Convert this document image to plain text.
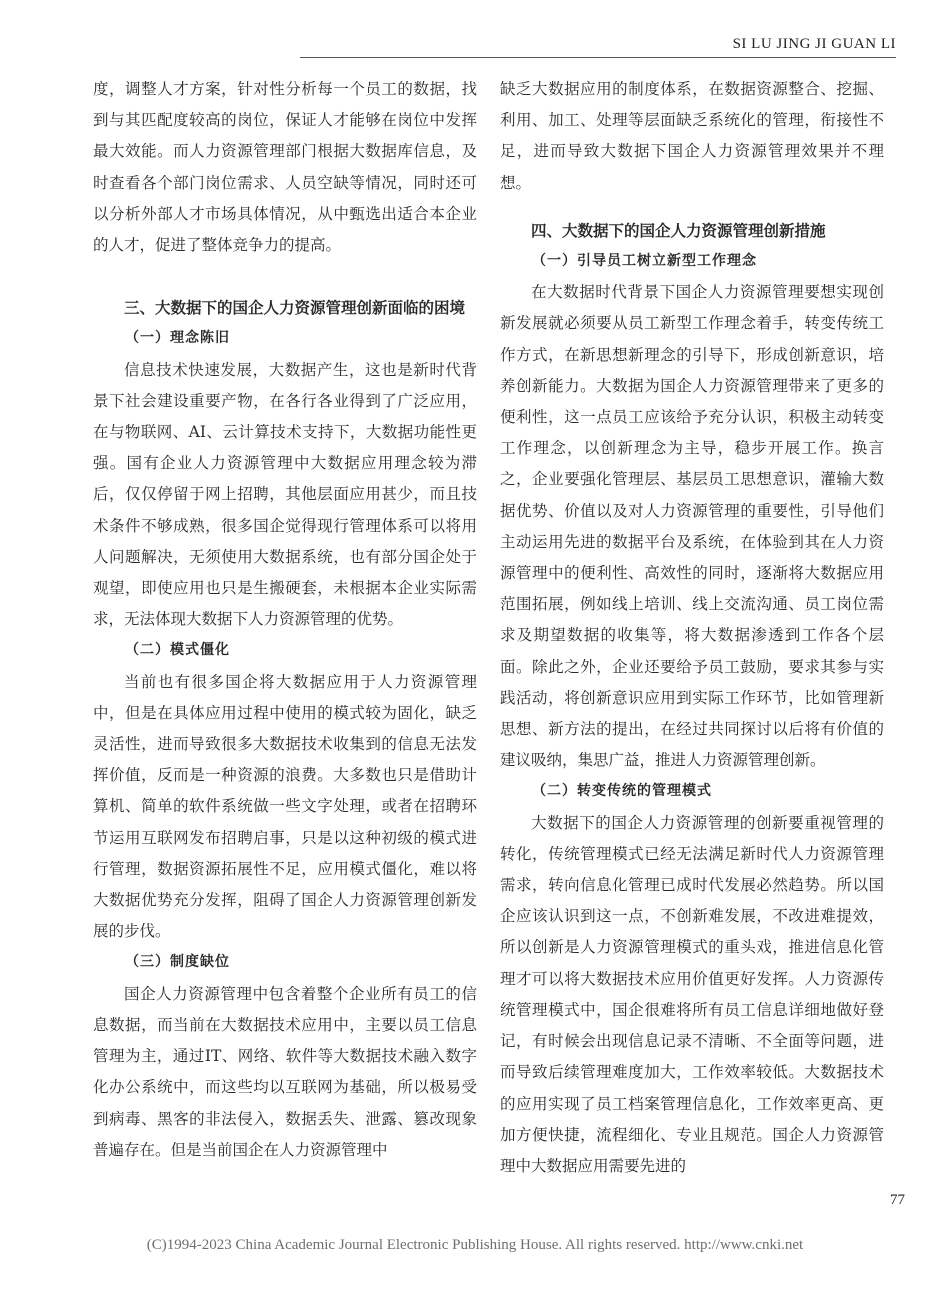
SI LU JING JI GUAN LI

度，调整人才方案，针对性分析每一个员工的数据，找到与其匹配度较高的岗位，保证人才能够在岗位中发挥最大效能。而人力资源管理部门根据大数据库信息，及时查看各个部门岗位需求、人员空缺等情况，同时还可以分析外部人才市场具体情况，从中甄选出适合本企业的人才，促进了整体竞争力的提高。

三、大数据下的国企人力资源管理创新面临的困境

（一）理念陈旧

信息技术快速发展，大数据产生，这也是新时代背景下社会建设重要产物，在各行各业得到了广泛应用，在与物联网、AI、云计算技术支持下，大数据功能性更强。国有企业人力资源管理中大数据应用理念较为滞后，仅仅停留于网上招聘，其他层面应用甚少，而且技术条件不够成熟，很多国企觉得现行管理体系可以将用人问题解决，无须使用大数据系统，也有部分国企处于观望，即使应用也只是生搬硬套，未根据本企业实际需求，无法体现大数据下人力资源管理的优势。

（二）模式僵化

当前也有很多国企将大数据应用于人力资源管理中，但是在具体应用过程中使用的模式较为固化，缺乏灵活性，进而导致很多大数据技术收集到的信息无法发挥价值，反而是一种资源的浪费。大多数也只是借助计算机、简单的软件系统做一些文字处理，或者在招聘环节运用互联网发布招聘启事，只是以这种初级的模式进行管理，数据资源拓展性不足，应用模式僵化，难以将大数据优势充分发挥，阻碍了国企人力资源管理创新发展的步伐。

（三）制度缺位

国企人力资源管理中包含着整个企业所有员工的信息数据，而当前在大数据技术应用中，主要以员工信息管理为主，通过IT、网络、软件等大数据技术融入数字化办公系统中，而这些均以互联网为基础，所以极易受到病毒、黑客的非法侵入，数据丢失、泄露、篡改现象普遍存在。但是当前国企在人力资源管理中

缺乏大数据应用的制度体系，在数据资源整合、挖掘、利用、加工、处理等层面缺乏系统化的管理，衔接性不足，进而导致大数据下国企人力资源管理效果并不理想。

四、大数据下的国企人力资源管理创新措施

（一）引导员工树立新型工作理念

在大数据时代背景下国企人力资源管理要想实现创新发展就必须要从员工新型工作理念着手，转变传统工作方式，在新思想新理念的引导下，形成创新意识，培养创新能力。大数据为国企人力资源管理带来了更多的便利性，这一点员工应该给予充分认识，积极主动转变工作理念，以创新理念为主导，稳步开展工作。换言之，企业要强化管理层、基层员工思想意识，灌输大数据优势、价值以及对人力资源管理的重要性，引导他们主动运用先进的数据平台及系统，在体验到其在人力资源管理中的便利性、高效性的同时，逐渐将大数据应用范围拓展，例如线上培训、线上交流沟通、员工岗位需求及期望数据的收集等，将大数据渗透到工作各个层面。除此之外，企业还要给予员工鼓励，要求其参与实践活动，将创新意识应用到实际工作环节，比如管理新思想、新方法的提出，在经过共同探讨以后将有价值的建议吸纳，集思广益，推进人力资源管理创新。

（二）转变传统的管理模式

大数据下的国企人力资源管理的创新要重视管理的转化，传统管理模式已经无法满足新时代人力资源管理需求，转向信息化管理已成时代发展必然趋势。所以国企应该认识到这一点，不创新难发展，不改进难提效，所以创新是人力资源管理模式的重头戏，推进信息化管理才可以将大数据技术应用价值更好发挥。人力资源传统管理模式中，国企很难将所有员工信息详细地做好登记，有时候会出现信息记录不清晰、不全面等问题，进而导致后续管理难度加大，工作效率较低。大数据技术的应用实现了员工档案管理信息化，工作效率更高、更加方便快捷，流程细化、专业且规范。国企人力资源管理中大数据应用需要先进的

77
(C)1994-2023 China Academic Journal Electronic Publishing House. All rights reserved. http://www.cnki.net
